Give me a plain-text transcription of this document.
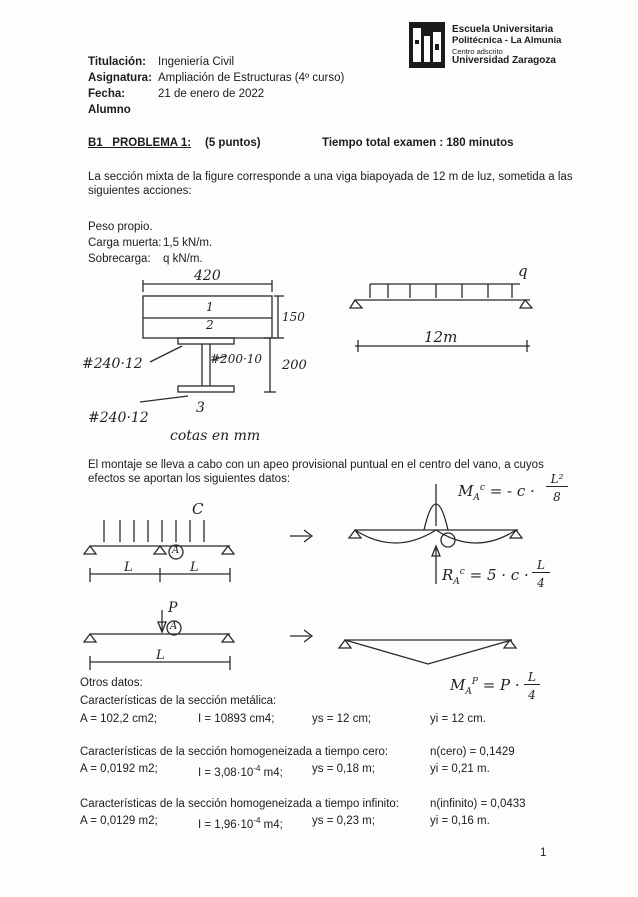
Escuela Universitaria
Politécnica - La Almunia
Centro adscrito
Universidad Zaragoza
Titulación: Ingeniería Civil
Asignatura: Ampliación de Estructuras (4º curso)
Fecha:	21 de enero de 2022
Alumno
B1_ PROBLEMA 1: (5 puntos)	Tiempo total examen : 180 minutos
La sección mixta de la figure corresponde a una viga biapoyada de 12 m de luz, sometida a las
siguientes acciones:
Peso propio.
Carga muerta: 1,5 kN/m.
Sobrecarga: q kN/m.
420
1
2
150
#240·12	#200·10 200
#240·12
3
cotas en mm
q
12m
El montaje se lleva a cabo con un apeo provisional puntual en el centro del vano, a cuyos
efectos se aportan los siguientes datos:
C
A
L	L
$M_A^c$ = - c ·
L²
8
$R_A^c = 5 \cdot c$ ·
L
4
P
A
L
$M_A^P = P \cdot L$
4
Otros datos:
Características de la sección metálica:
A = 102,2 cm2;	I = 10893 cm4;	ys = 12 cm;	yi = 12 cm.
Características de la sección homogeneizada a tiempo cero:	n(cero) = 0,1429
A = 0,0192 m2;	$I = 3,08\cdot 10^{-4}$ m4;	ys = 0,18 m;	yi = 0,21 m.
Características de la sección homogeneizada a tiempo infinito:	n(infinito) = 0,0433
A = 0,0129 m2;	$I = 1,96\cdot 10^{-4}$ m4;	ys = 0,23 m;	yi = 0,16 m.
1
